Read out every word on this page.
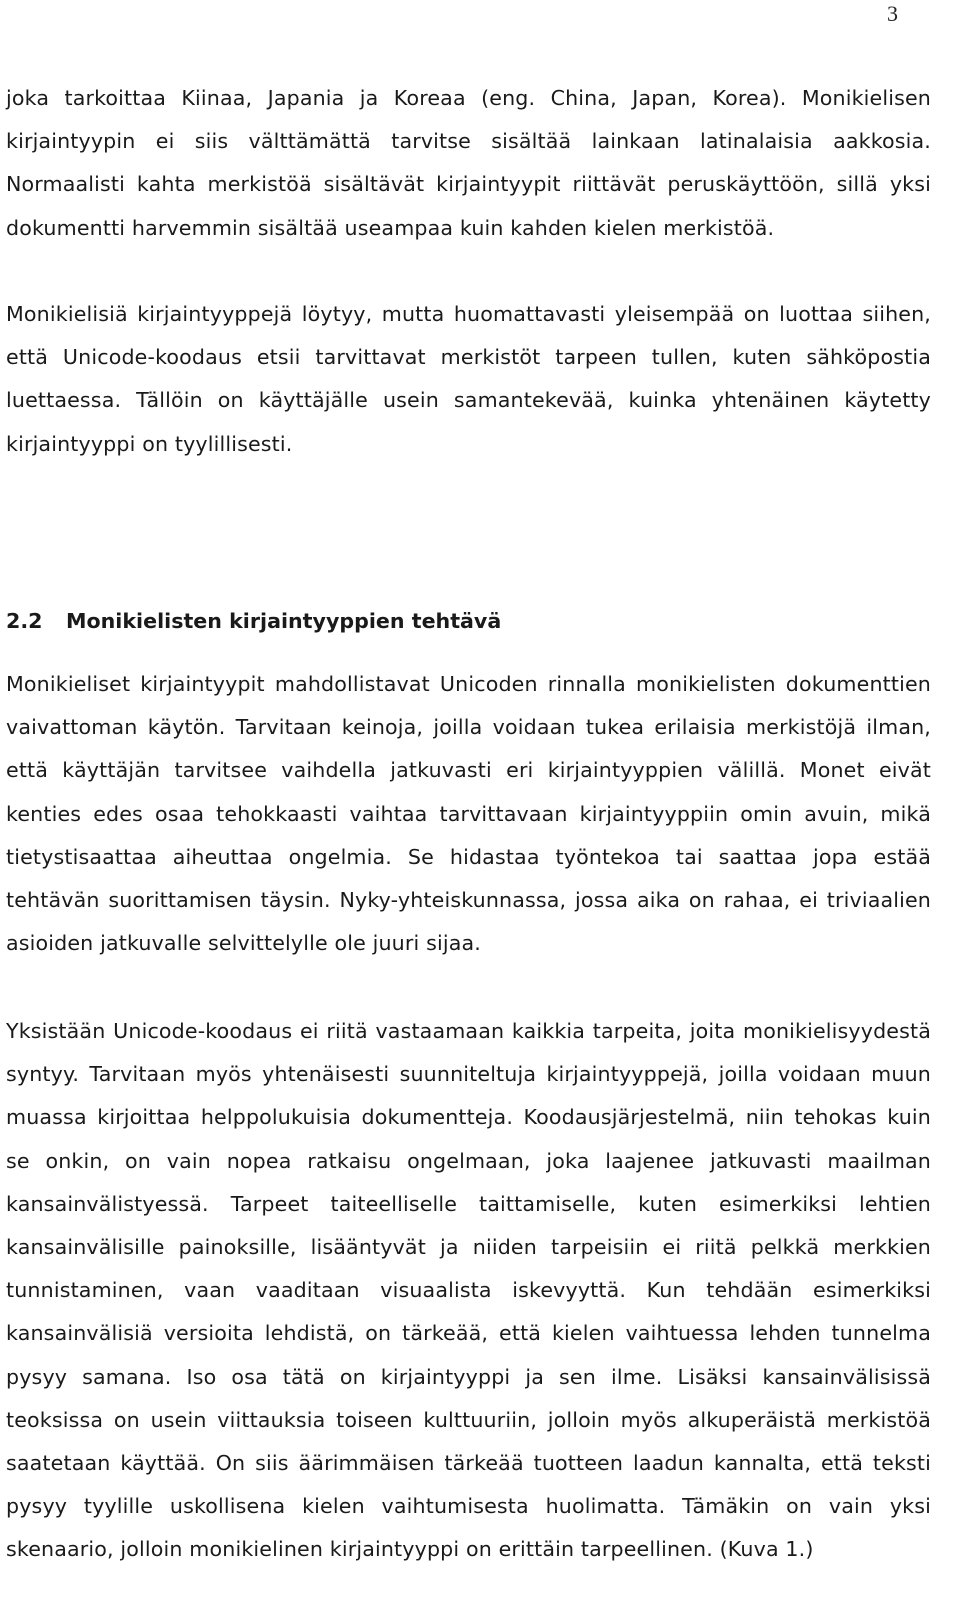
3

joka tarkoittaa Kiinaa, Japania ja Koreaa (eng. China, Japan, Korea). Monikielisen kirjaintyypin ei siis välttämättä tarvitse sisältää lainkaan latinalaisia aakkosia. Normaalisti kahta merkistöä sisältävät kirjaintyypit riittävät peruskäyttöön, sillä yksi dokumentti harvemmin sisältää useampaa kuin kahden kielen merkistöä.

Monikielisiä kirjaintyyppejä löytyy, mutta huomattavasti yleisempää on luottaa siihen, että Unicode-koodaus etsii tarvittavat merkistöt tarpeen tullen, kuten sähköpostia luettaessa. Tällöin on käyttäjälle usein samantekevää, kuinka yhtenäinen käytetty kirjaintyyppi on tyylillisesti.

2.2 Monikielisten kirjaintyyppien tehtävä

Monikieliset kirjaintyypit mahdollistavat Unicoden rinnalla monikielisten dokumenttien vaivattoman käytön. Tarvitaan keinoja, joilla voidaan tukea erilaisia merkistöjä ilman, että käyttäjän tarvitsee vaihdella jatkuvasti eri kirjaintyyppien välillä. Monet eivät kenties edes osaa tehokkaasti vaihtaa tarvittavaan kirjaintyyppiin omin avuin, mikä tietystisaattaa aiheuttaa ongelmia. Se hidastaa työntekoa tai saattaa jopa estää tehtävän suorittamisen täysin. Nyky-yhteiskunnassa, jossa aika on rahaa, ei triviaalien asioiden jatkuvalle selvittelylle ole juuri sijaa.

Yksistään Unicode-koodaus ei riitä vastaamaan kaikkia tarpeita, joita monikielisyydestä syntyy. Tarvitaan myös yhtenäisesti suunniteltuja kirjaintyyppejä, joilla voidaan muun muassa kirjoittaa helppolukuisia dokumentteja. Koodausjärjestelmä, niin tehokas kuin se onkin, on vain nopea ratkaisu ongelmaan, joka laajenee jatkuvasti maailman kansainvälistyessä. Tarpeet taiteelliselle taittamiselle, kuten esimerkiksi lehtien kansainvälisille painoksille, lisääntyvät ja niiden tarpeisiin ei riitä pelkkä merkkien tunnistaminen, vaan vaaditaan visuaalista iskevyyttä. Kun tehdään esimerkiksi kansainvälisiä versioita lehdistä, on tärkeää, että kielen vaihtuessa lehden tunnelma pysyy samana. Iso osa tätä on kirjaintyyppi ja sen ilme. Lisäksi kansainvälisissä teoksissa on usein viittauksia toiseen kulttuuriin, jolloin myös alkuperäistä merkistöä saatetaan käyttää. On siis äärimmäisen tärkeää tuotteen laadun kannalta, että teksti pysyy tyylille uskollisena kielen vaihtumisesta huolimatta. Tämäkin on vain yksi skenaario, jolloin monikielinen kirjaintyyppi on erittäin tarpeellinen. (Kuva 1.)
